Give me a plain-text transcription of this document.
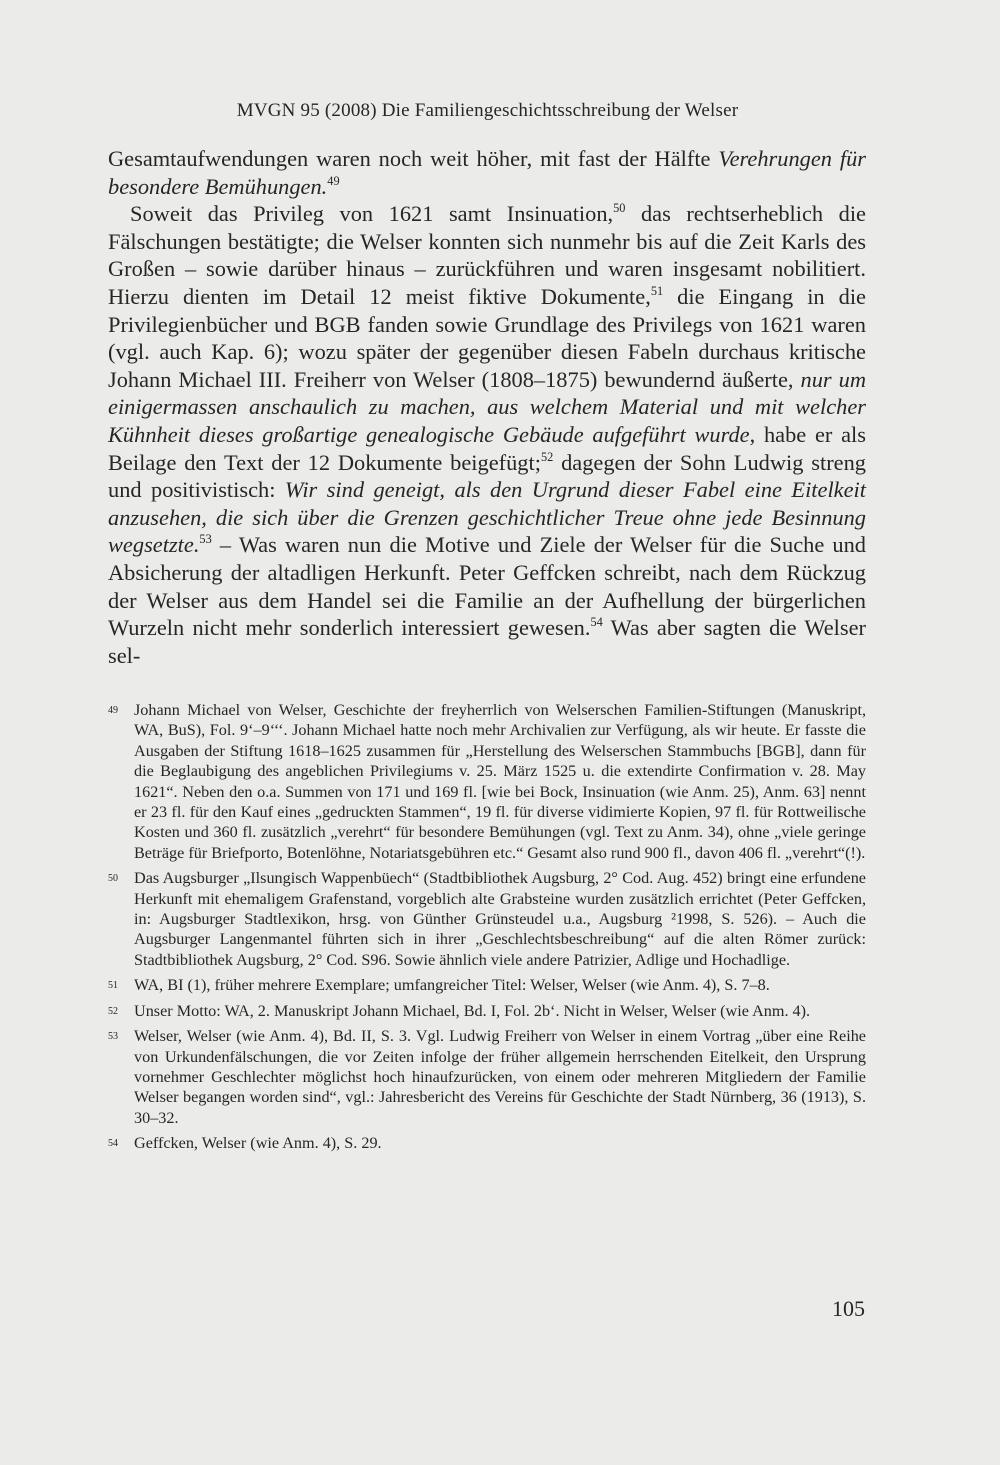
MVGN 95 (2008) Die Familiengeschichtsschreibung der Welser

Gesamtaufwendungen waren noch weit höher, mit fast der Hälfte Verehrungen für besondere Bemühungen.$^{49}$

Soweit das Privileg von 1621 samt Insinuation,$^{50}$ das rechtserheblich die Fälschungen bestätigte; die Welser konnten sich nunmehr bis auf die Zeit Karls des Großen – sowie darüber hinaus – zurückführen und waren insgesamt nobilitiert. Hierzu dienten im Detail 12 meist fiktive Dokumente,$^{51}$ die Eingang in die Privilegienbücher und BGB fanden sowie Grundlage des Privilegs von 1621 waren (vgl. auch Kap. 6); wozu später der gegenüber diesen Fabeln durchaus kritische Johann Michael III. Freiherr von Welser (1808–1875) bewundernd äußerte, nur um einigermassen anschaulich zu machen, aus welchem Material und mit welcher Kühnheit dieses großartige genealogische Gebäude aufgeführt wurde, habe er als Beilage den Text der 12 Dokumente beigefügt;$^{52}$ dagegen der Sohn Ludwig streng und positivistisch: Wir sind geneigt, als den Urgrund dieser Fabel eine Eitelkeit anzusehen, die sich über die Grenzen geschichtlicher Treue ohne jede Besinnung wegsetzte.$^{53}$ – Was waren nun die Motive und Ziele der Welser für die Suche und Absicherung der altadligen Herkunft. Peter Geffcken schreibt, nach dem Rückzug der Welser aus dem Handel sei die Familie an der Aufhellung der bürgerlichen Wurzeln nicht mehr sonderlich interessiert gewesen.$^{54}$ Was aber sagten die Welser sel-

49 Johann Michael von Welser, Geschichte der freyherrlich von Welserschen Familien-Stiftungen (Manuskript, WA, BuS), Fol. 9‘–9‘‘‘. Johann Michael hatte noch mehr Archivalien zur Verfügung, als wir heute. Er fasste die Ausgaben der Stiftung 1618–1625 zusammen für „Herstellung des Welserschen Stammbuchs [BGB], dann für die Beglaubigung des angeblichen Privilegiums v. 25. März 1525 u. die extendirte Confirmation v. 28. May 1621“. Neben den o.a. Summen von 171 und 169 fl. [wie bei Bock, Insinuation (wie Anm. 25), Anm. 63] nennt er 23 fl. für den Kauf eines „gedruckten Stammen“, 19 fl. für diverse vidimierte Kopien, 97 fl. für Rottweilische Kosten und 360 fl. zusätzlich „verehrt“ für besondere Bemühungen (vgl. Text zu Anm. 34), ohne „viele geringe Beträge für Briefporto, Botenlöhne, Notariatsgebühren etc.“ Gesamt also rund 900 fl., davon 406 fl. „verehrt“(!).
50 Das Augsburger „Ilsungisch Wappenbüech“ (Stadtbibliothek Augsburg, 2° Cod. Aug. 452) bringt eine erfundene Herkunft mit ehemaligem Grafenstand, vorgeblich alte Grabsteine wurden zusätzlich errichtet (Peter Geffcken, in: Augsburger Stadtlexikon, hrsg. von Günther Grünsteudel u.a., Augsburg ²1998, S. 526). – Auch die Augsburger Langenmantel führten sich in ihrer „Geschlechtsbeschreibung“ auf die alten Römer zurück: Stadtbibliothek Augsburg, 2° Cod. S96. Sowie ähnlich viele andere Patrizier, Adlige und Hochadlige.
51 WA, BI (1), früher mehrere Exemplare; umfangreicher Titel: Welser, Welser (wie Anm. 4), S. 7–8.
52 Unser Motto: WA, 2. Manuskript Johann Michael, Bd. I, Fol. 2b‘. Nicht in Welser, Welser (wie Anm. 4).
53 Welser, Welser (wie Anm. 4), Bd. II, S. 3. Vgl. Ludwig Freiherr von Welser in einem Vortrag „über eine Reihe von Urkundenfälschungen, die vor Zeiten infolge der früher allgemein herrschenden Eitelkeit, den Ursprung vornehmer Geschlechter möglichst hoch hinaufzurücken, von einem oder mehreren Mitgliedern der Familie Welser begangen worden sind“, vgl.: Jahresbericht des Vereins für Geschichte der Stadt Nürnberg, 36 (1913), S. 30–32.
54 Geffcken, Welser (wie Anm. 4), S. 29.
105
